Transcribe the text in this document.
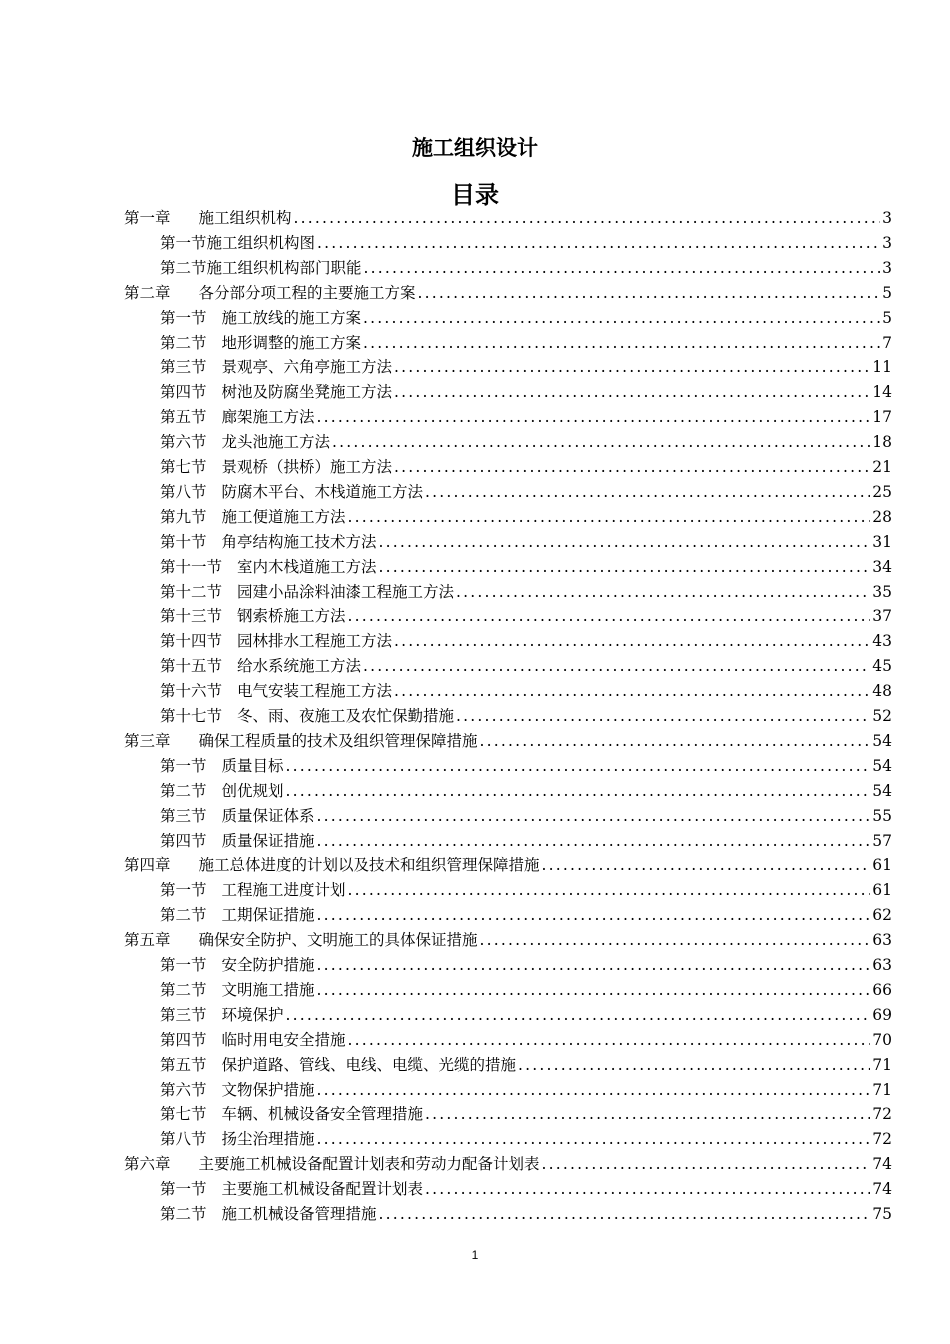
施工组织设计
目录
第一章 施工组织机构 .....	3
第一节 施工组织机构图 .....	3
第二节 施工组织机构部门职能 .....	3
第二章 各分部分项工程的主要施工方案 .....	5
第一节 施工放线的施工方案 .....	5
第二节 地形调整的施工方案 .....	7
第三节 景观亭、六角亭施工方法 .....	11
第四节 树池及防腐坐凳施工方法 .....	14
第五节 廊架施工方法 .....	17
第六节 龙头池施工方法 .....	18
第七节 景观桥（拱桥）施工方法 .....	21
第八节 防腐木平台、木栈道施工方法 .....	25
第九节 施工便道施工方法 .....	28
第十节 角亭结构施工技术方法 .....	31
第十一节 室内木栈道施工方法 .....	34
第十二节 园建小品涂料油漆工程施工方法 .....	35
第十三节 钢索桥施工方法 .....	37
第十四节 园林排水工程施工方法 .....	43
第十五节 给水系统施工方法 .....	45
第十六节 电气安装工程施工方法 .....	48
第十七节 冬、雨、夜施工及农忙保勤措施 .....	52
第三章 确保工程质量的技术及组织管理保障措施 .....	54
第一节 质量目标 .....	54
第二节 创优规划 .....	54
第三节 质量保证体系 .....	55
第四节 质量保证措施 .....	57
第四章 施工总体进度的计划以及技术和组织管理保障措施 .....	61
第一节 工程施工进度计划 .....	61
第二节 工期保证措施 .....	62
第五章 确保安全防护、文明施工的具体保证措施 .....	63
第一节 安全防护措施 .....	63
第二节 文明施工措施 .....	66
第三节 环境保护 .....	69
第四节 临时用电安全措施 .....	70
第五节 保护道路、管线、电线、电缆、光缆的措施 .....	71
第六节 文物保护措施 .....	71
第七节 车辆、机械设备安全管理措施 .....	72
第八节 扬尘治理措施 .....	72
第六章 主要施工机械设备配置计划表和劳动力配备计划表 .....	74
第一节 主要施工机械设备配置计划表 .....	74
第二节 施工机械设备管理措施 .....	75
1
